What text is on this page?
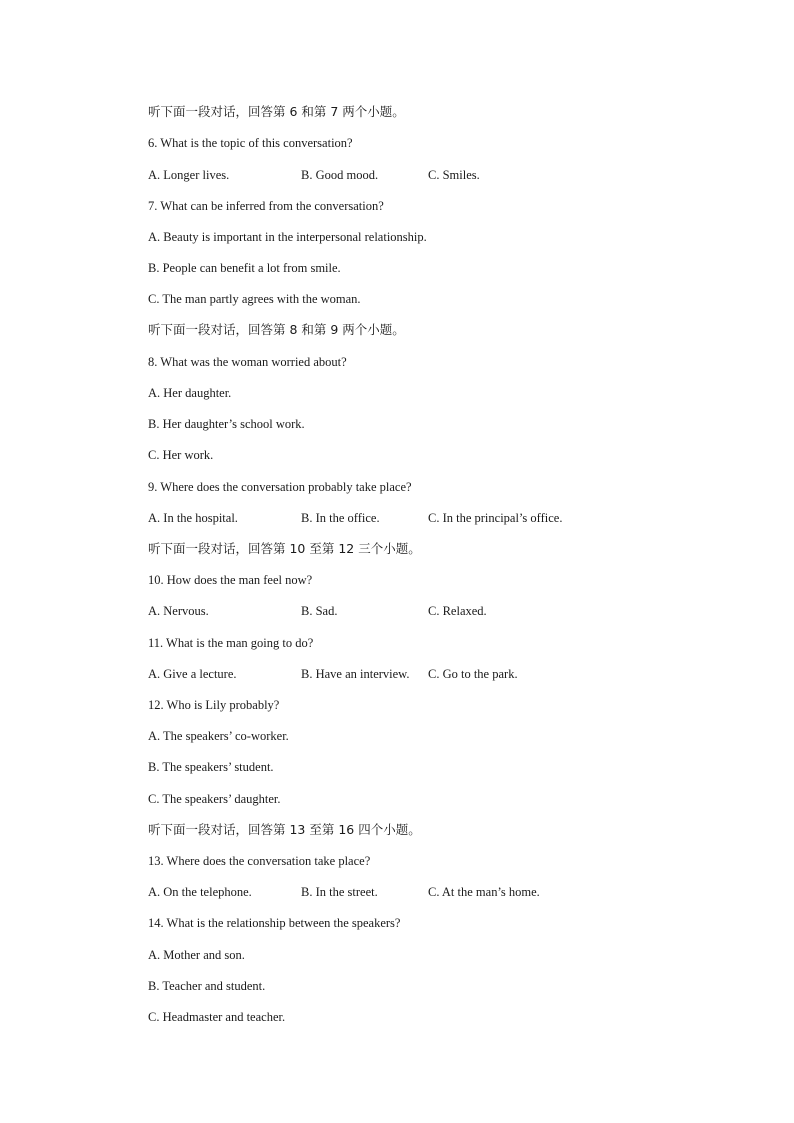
听下面一段对话，回答第 6 和第 7 两个小题。
6. What is the topic of this conversation?
A. Longer lives.	B. Good mood.	C. Smiles.
7. What can be inferred from the conversation?
A. Beauty is important in the interpersonal relationship.
B. People can benefit a lot from smile.
C. The man partly agrees with the woman.
听下面一段对话，回答第 8 和第 9 两个小题。
8. What was the woman worried about?
A. Her daughter.
B. Her daughter’s school work.
C. Her work.
9. Where does the conversation probably take place?
A. In the hospital.	B. In the office.	C. In the principal’s office.
听下面一段对话，回答第 10 至第 12 三个小题。
10. How does the man feel now?
A. Nervous.	B. Sad.	C. Relaxed.
11. What is the man going to do?
A. Give a lecture.	B. Have an interview. C. Go to the park.
12. Who is Lily probably?
A. The speakers’ co-worker.
B. The speakers’ student.
C. The speakers’ daughter.
听下面一段对话，回答第 13 至第 16 四个小题。
13. Where does the conversation take place?
A. On the telephone.	B. In the street.	C. At the man’s home.
14. What is the relationship between the speakers?
A. Mother and son.
B. Teacher and student.
C. Headmaster and teacher.
